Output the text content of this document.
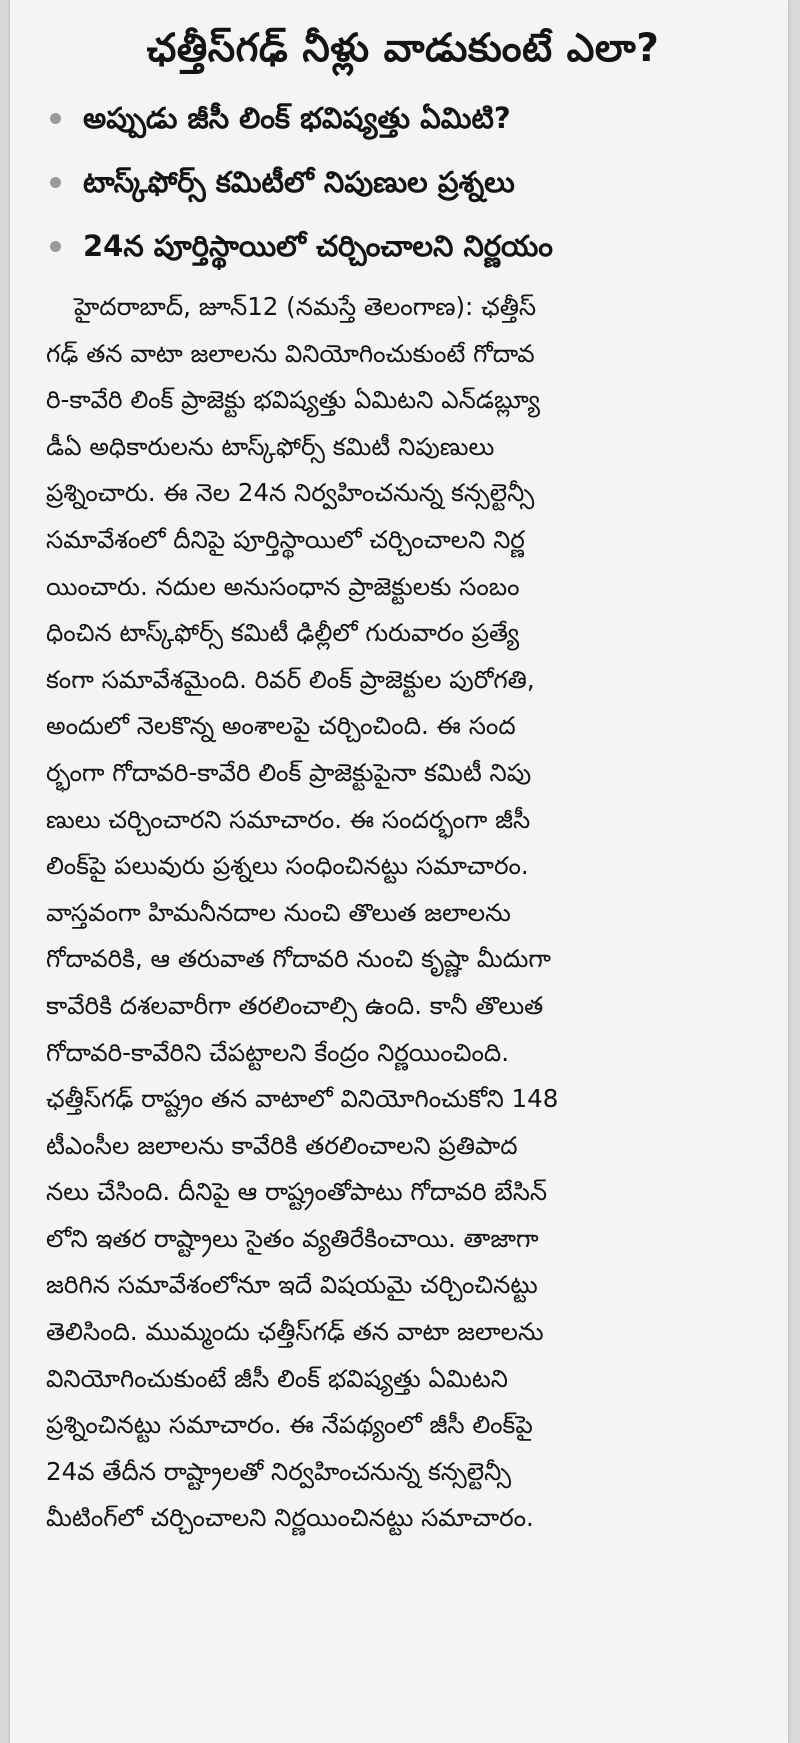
ఛత్తీస్‌గఢ్ నీళ్లు వాడుకుంటే ఎలా?
అప్పుడు జీసీ లింక్ భవిష్యత్తు ఏమిటి?
టాస్క్‌ఫోర్స్ కమిటీలో నిపుణుల ప్రశ్నలు
24న పూర్తిస్థాయిలో చర్చించాలని నిర్ణయం
హైదరాబాద్, జూన్12 (నమస్తే తెలంగాణ): ఛత్తీస్
గఢ్ తన వాటా జలాలను వినియోగించుకుంటే గోదావ
రి-కావేరి లింక్ ప్రాజెక్టు భవిష్యత్తు ఏమిటని ఎన్‌డబ్ల్యూ
డీఏ అధికారులను టాస్క్‌ఫోర్స్ కమిటీ నిపుణులు
ప్రశ్నించారు. ఈ నెల 24న నిర్వహించనున్న కన్సల్టెన్సీ
సమావేశంలో దీనిపై పూర్తిస్థాయిలో చర్చించాలని నిర్ణ
యించారు. నదుల అనుసంధాన ప్రాజెక్టులకు సంబం
ధించిన టాస్క్‌ఫోర్స్ కమిటీ ఢిల్లీలో గురువారం ప్రత్యే
కంగా సమావేశమైంది. రివర్ లింక్ ప్రాజెక్టుల పురోగతి,
అందులో నెలకొన్న అంశాలపై చర్చించింది. ఈ సంద
ర్భంగా గోదావరి-కావేరి లింక్ ప్రాజెక్టుపైనా కమిటీ నిపు
ణులు చర్చించారని సమాచారం. ఈ సందర్భంగా జీసీ
లింక్‌పై పలువురు ప్రశ్నలు సంధించినట్టు సమాచారం.
వాస్తవంగా హిమనీనదాల నుంచి తొలుత జలాలను
గోదావరికి, ఆ తరువాత గోదావరి నుంచి కృష్ణా మీదుగా
కావేరికి దశలవారీగా తరలించాల్సి ఉంది. కానీ తొలుత
గోదావరి-కావేరిని చేపట్టాలని కేంద్రం నిర్ణయించింది.
ఛత్తీస్‌గఢ్ రాష్ట్రం తన వాటాలో వినియోగించుకోని 148
టీఎంసీల జలాలను కావేరికి తరలించాలని ప్రతిపాద
నలు చేసింది. దీనిపై ఆ రాష్ట్రంతోపాటు గోదావరి బేసిన్
లోని ఇతర రాష్ట్రాలు సైతం వ్యతిరేకించాయి. తాజాగా
జరిగిన సమావేశంలోనూ ఇదే విషయమై చర్చించినట్టు
తెలిసింది. ముమ్మందు ఛత్తీస్‌గఢ్ తన వాటా జలాలను
వినియోగించుకుంటే జీసీ లింక్ భవిష్యత్తు ఏమిటని
ప్రశ్నించినట్టు సమాచారం. ఈ నేపథ్యంలో జీసీ లింక్‌పై
24వ తేదీన రాష్ట్రాలతో నిర్వహించనున్న కన్సల్టెన్సీ
మీటింగ్‌లో చర్చించాలని నిర్ణయించినట్టు సమాచారం.
